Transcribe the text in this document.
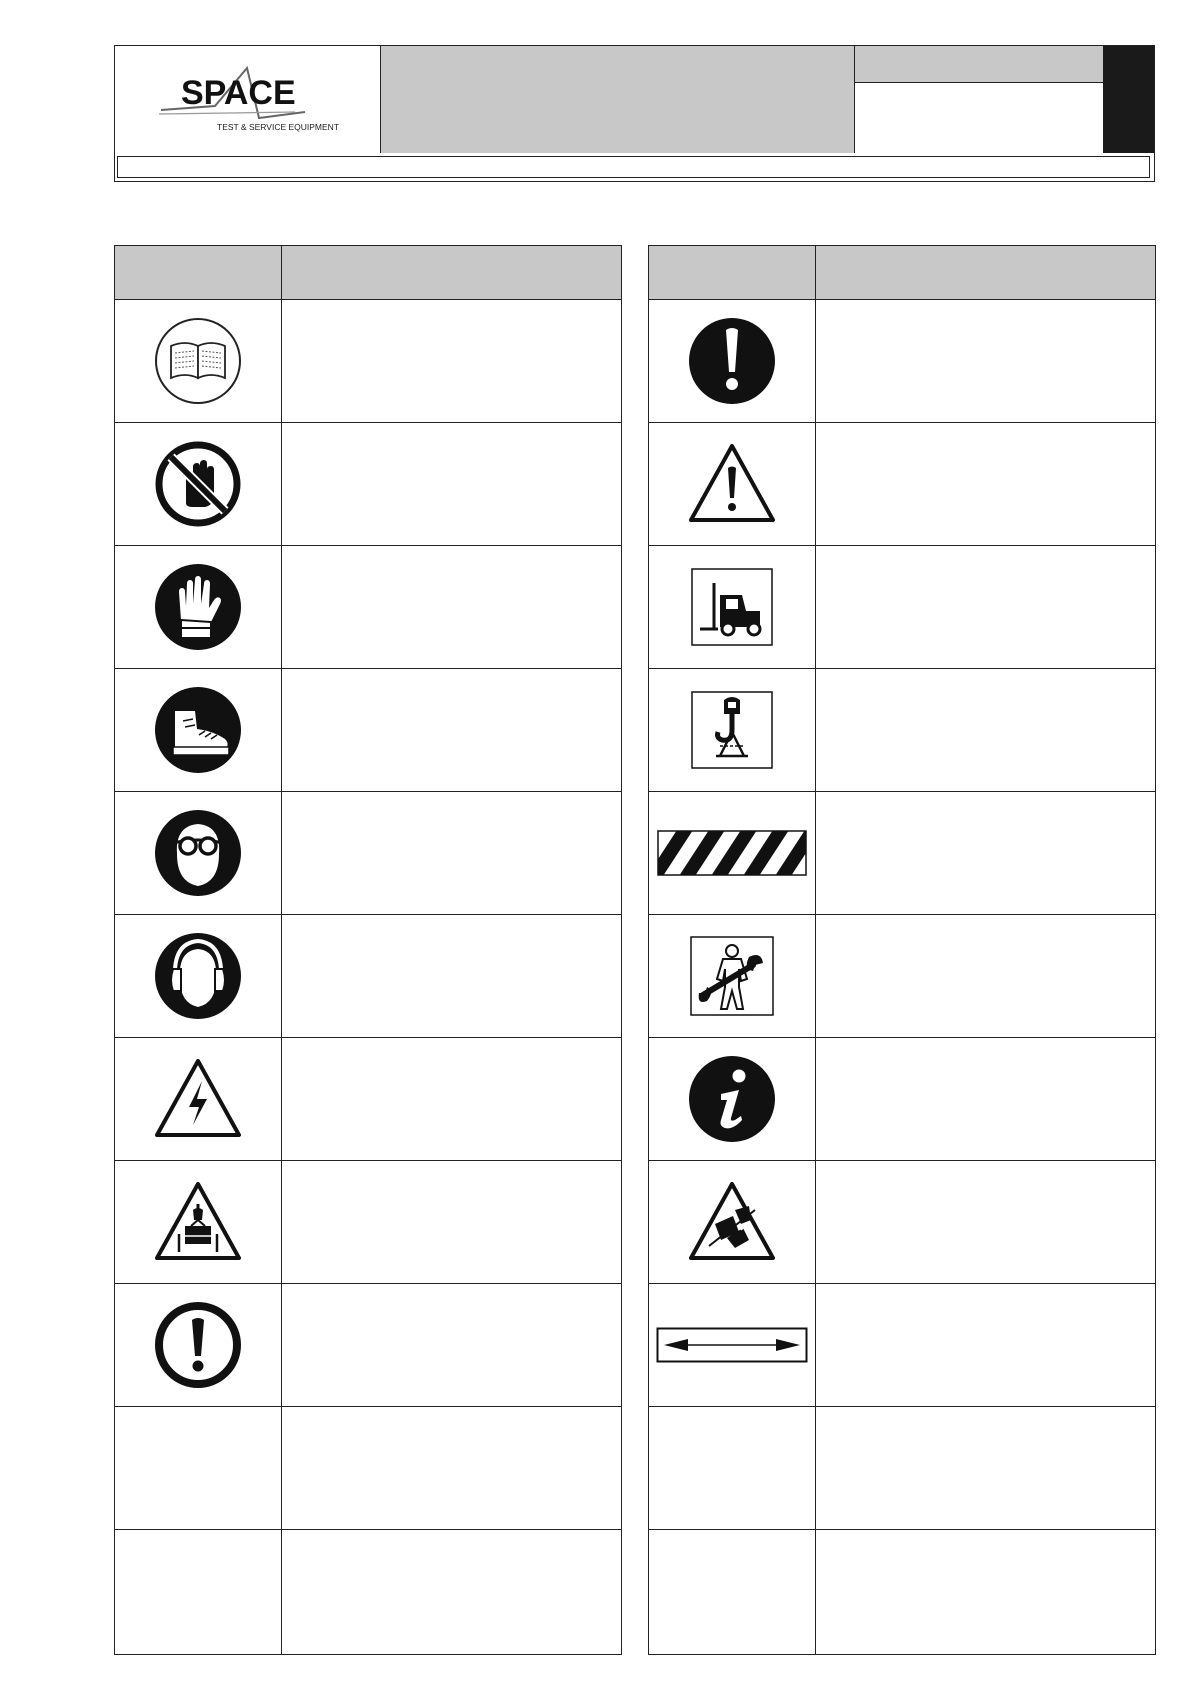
SPACE
TEST & SERVICE EQUIPMENT
